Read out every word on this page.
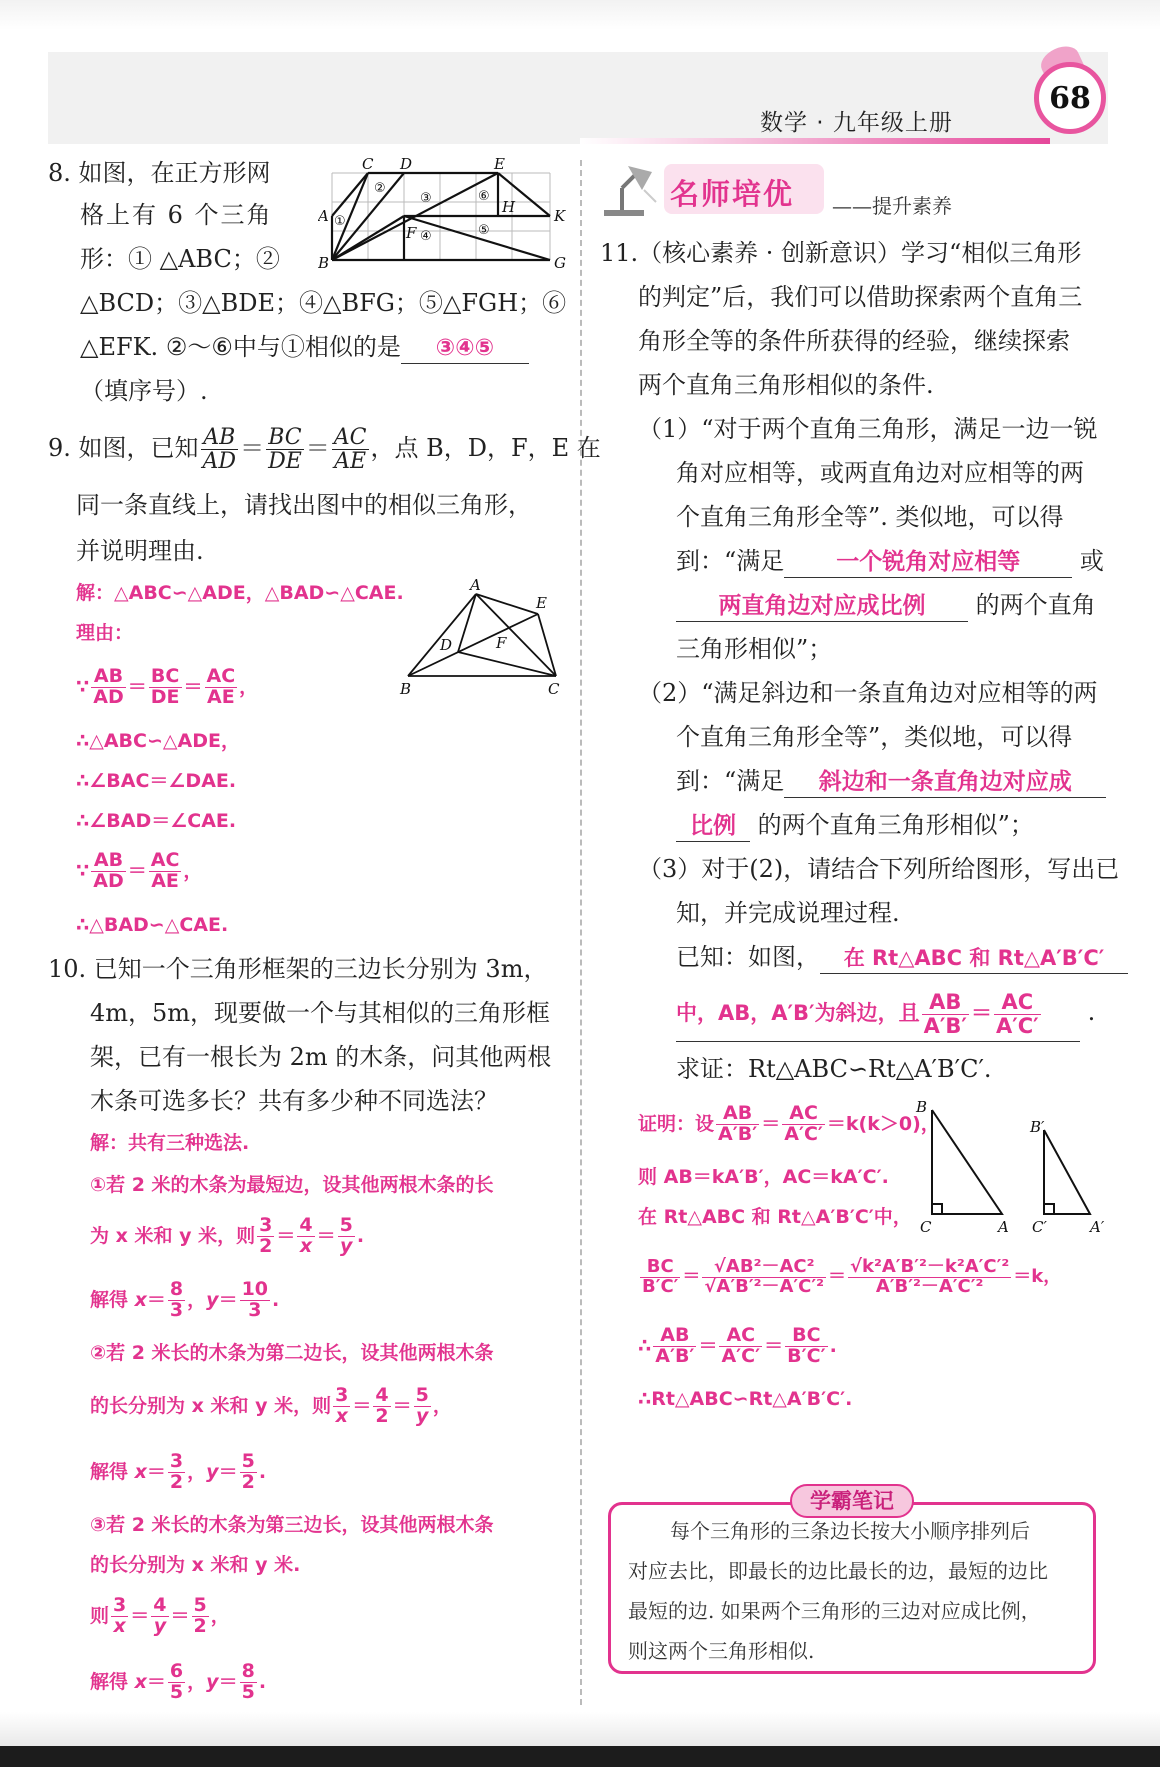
数学 · 九年级上册
68
8. 如图，在正方形网
格上有 6 个三角
形：① △ABC；②
△BCD；③△BDE；④△BFG；⑤△FGH；⑥
△EFK. ②～⑥中与①相似的是 ③④⑤
（填序号）.
C D	E
A	H	K
F
B	G
①
②
③
④	⑤
⑥
9. 如图，已知 $\frac{AB}{AD} = \frac{BC}{DE} = \frac{AC}{AE}$ ，点 B，D，F，E 在
同一条直线上，请找出图中的相似三角形，
并说明理由.
解：△ABC∽△ADE，△BAD∽△CAE.
理由：
∵ $\frac{AB}{AD} = \frac{BC}{DE} = \frac{AC}{AE}$ ，
∴△ABC∽△ADE，
∴∠BAC＝∠DAE.
∴∠BAD＝∠CAE.
∵ $\frac{AB}{AD} = \frac{AC}{AE}$ ，
∴△BAD∽△CAE.
A
E
D	F
B	C
10. 已知一个三角形框架的三边长分别为 3m，
4m，5m，现要做一个与其相似的三角形框
架，已有一根长为 2m 的木条，问其他两根
木条可选多长？共有多少种不同选法？
解：共有三种选法.
①若 2 米的木条为最短边，设其他两根木条的长
为 x 米和 y 米，则 $\frac{3}{2} = \frac{4}{x} = \frac{5}{y}$ .
解得 $x= \frac{8}{3}$ ，$y= \frac{10}{3}$ .
②若 2 米长的木条为第二边长，设其他两根木条
的长分别为 x 米和 y 米，则 $\frac{3}{x} = \frac{4}{2} = \frac{5}{y}$ ，
解得 $x= \frac{3}{2}$ ，$y= \frac{5}{2}$ .
③若 2 米长的木条为第三边长，设其他两根木条
的长分别为 x 米和 y 米.
则 $\frac{3}{x} = \frac{4}{y} = \frac{5}{2}$ ，
解得 $x= \frac{6}{5}$ ，$y= \frac{8}{5}$ .
名师培优 ——提升素养
11.（核心素养 · 创新意识）学习“相似三角形
的判定”后，我们可以借助探索两个直角三
角形全等的条件所获得的经验，继续探索
两个直角三角形相似的条件.
（1）“对于两个直角三角形，满足一边一锐
角对应相等，或两直角边对应相等的两
个直角三角形全等”. 类似地，可以得
到：“满足 一个锐角对应相等 或
两直角边对应成比例 的两个直角
三角形相似”；
（2）“满足斜边和一条直角边对应相等的两
个直角三角形全等”，类似地，可以得
到：“满足 斜边和一条直角边对应成
比例 的两个直角三角形相似”；
（3）对于(2)，请结合下列所给图形，写出已
知，并完成说理过程.
已知：如图， 在 Rt△ABC 和 Rt△A′B′C′
中，AB，A′B′为斜边，且 $\frac{AB}{A'B'} = \frac{AC}{A'C'}$ .
求证：Rt△ABC∽Rt△A′B′C′.
证明：设 $\frac{AB}{A'B'} = \frac{AC}{A'C'} =k(k>0)$，
则 AB＝kA′B′，AC＝kA′C′.
在 Rt△ABC 和 Rt△A′B′C′中，
$\frac{BC}{B'C'} = \frac{\text{√AB²－AC²}}{\text{√A′B′²－A′C′²}} = \frac{\text{√k²A′B′²－k²A′C′²}}{\text{A′B′²－A′C′²}} =k$，
∴ $\frac{AB}{A'B'} = \frac{AC}{A'C'} = \frac{BC}{B'C'}$ .
∴Rt△ABC∽Rt△A′B′C′.
B
C	A
B′
C′	A′
学霸笔记
每个三角形的三条边长按大小顺序排列后
对应去比，即最长的边比最长的边，最短的边比
最短的边. 如果两个三角形的三边对应成比例，
则这两个三角形相似.
